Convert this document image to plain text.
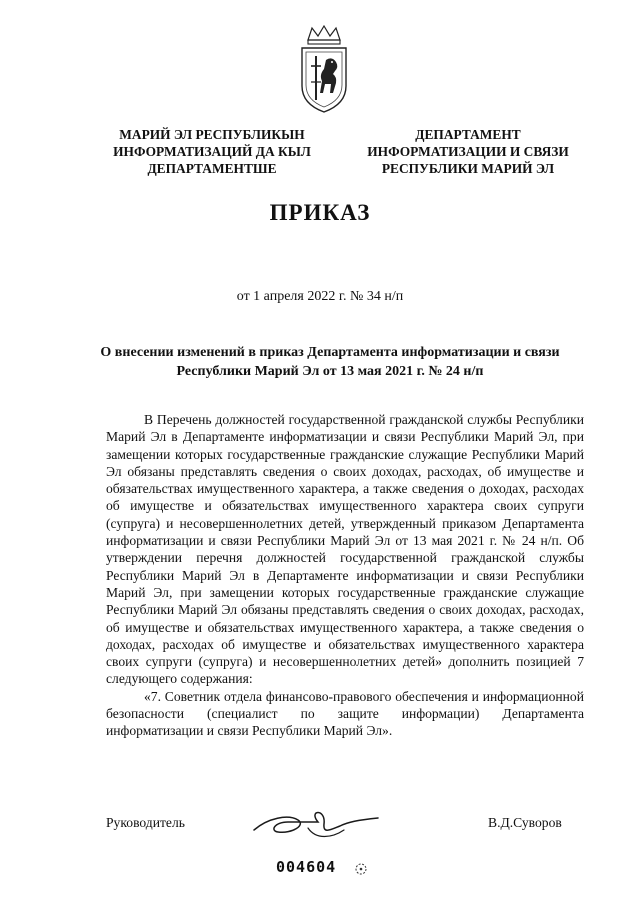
МАРИЙ ЭЛ РЕСПУБЛИКЫН
ИНФОРМАТИЗАЦИЙ ДА КЫЛ
ДЕПАРТАМЕНТШЕ
ДЕПАРТАМЕНТ
ИНФОРМАТИЗАЦИИ И СВЯЗИ
РЕСПУБЛИКИ МАРИЙ ЭЛ
ПРИКАЗ
от 1 апреля 2022 г. № 34 н/п
О внесении изменений в приказ Департамента информатизации и связи Республики Марий Эл от 13 мая 2021 г. № 24 н/п

В Перечень должностей государственной гражданской службы Республики Марий Эл в Департаменте информатизации и связи Республики Марий Эл, при замещении которых государственные гражданские служащие Республики Марий Эл обязаны представлять сведения о своих доходах, расходах, об имуществе и обязательствах имущественного характера, а также сведения о доходах, расходах об имуществе и обязательствах имущественного характера своих супруги (супруга) и несовершеннолетних детей, утвержденный приказом Департамента информатизации и связи Республики Марий Эл от 13 мая 2021 г. № 24 н/п. Об утверждении перечня должностей государственной гражданской службы Республики Марий Эл в Департаменте информатизации и связи Республики Марий Эл, при замещении которых государственные гражданские служащие Республики Марий Эл обязаны представлять сведения о своих доходах, расходах, об имуществе и обязательствах имущественного характера, а также сведения о доходах, расходах об имуществе и обязательствах имущественного характера своих супруги (супруга) и несовершеннолетних детей» дополнить позицией 7 следующего содержания:

«7. Советник отдела финансово-правового обеспечения и информационной безопасности (специалист по защите информации) Департамента информатизации и связи Республики Марий Эл».

Руководитель	В.Д.Суворов
004604
